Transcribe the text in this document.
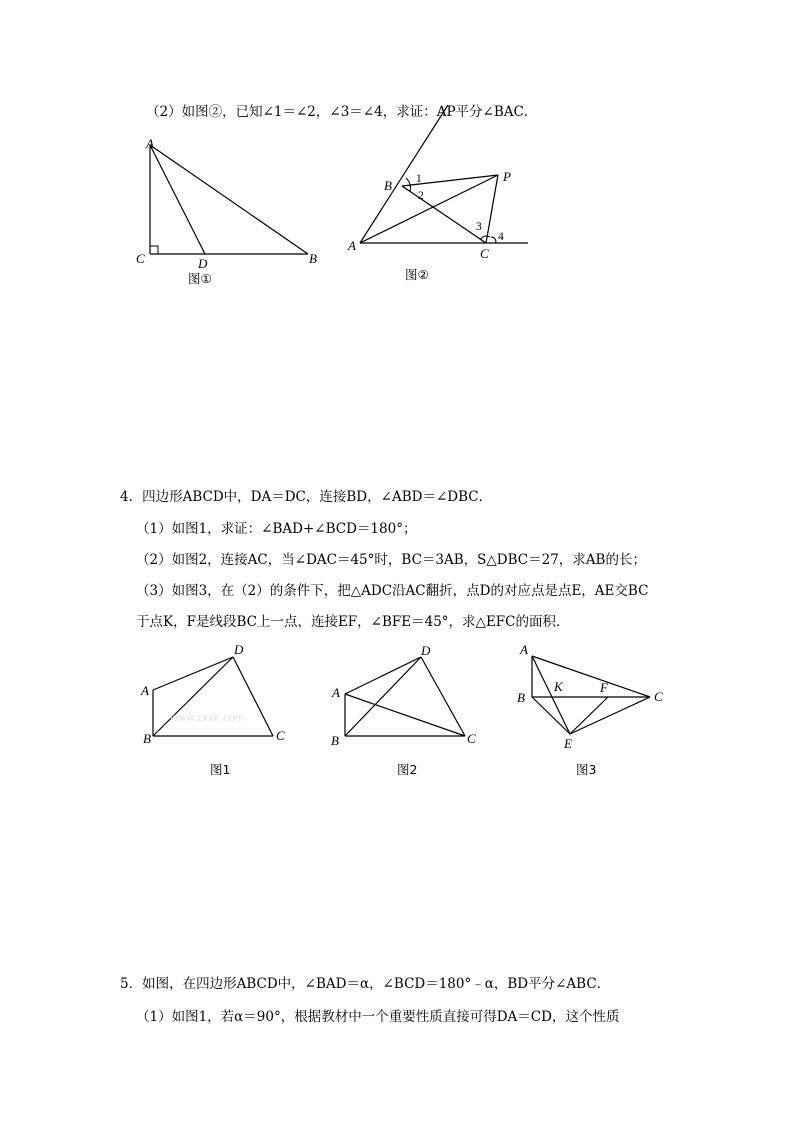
（2）如图②，已知∠1＝∠2，∠3＝∠4，求证：AP平分∠BAC．
A
C	D	B
图①
B
P
A
C
1
2
3
4
图②
4．四边形ABCD中，DA＝DC，连接BD，∠ABD＝∠DBC．
（1）如图1，求证：∠BAD+∠BCD＝180°；
（2）如图2，连接AC，当∠DAC＝45°时，BC＝3AB，S△DBC＝27，求AB的长；
（3）如图3，在（2）的条件下，把△ADC沿AC翻折，点D的对应点是点E，AE交BC
于点K，F是线段BC上一点，连接EF，∠BFE＝45°，求△EFC的面积．
A
B	C
D
图1
www.zxxk.com
A
B	C
D
图2
A
B	C
K	F
E
图3
5．如图，在四边形ABCD中，∠BAD＝α，∠BCD＝180°﹣α，BD平分∠ABC．
（1）如图1，若α＝90°，根据教材中一个重要性质直接可得DA＝CD，这个性质
